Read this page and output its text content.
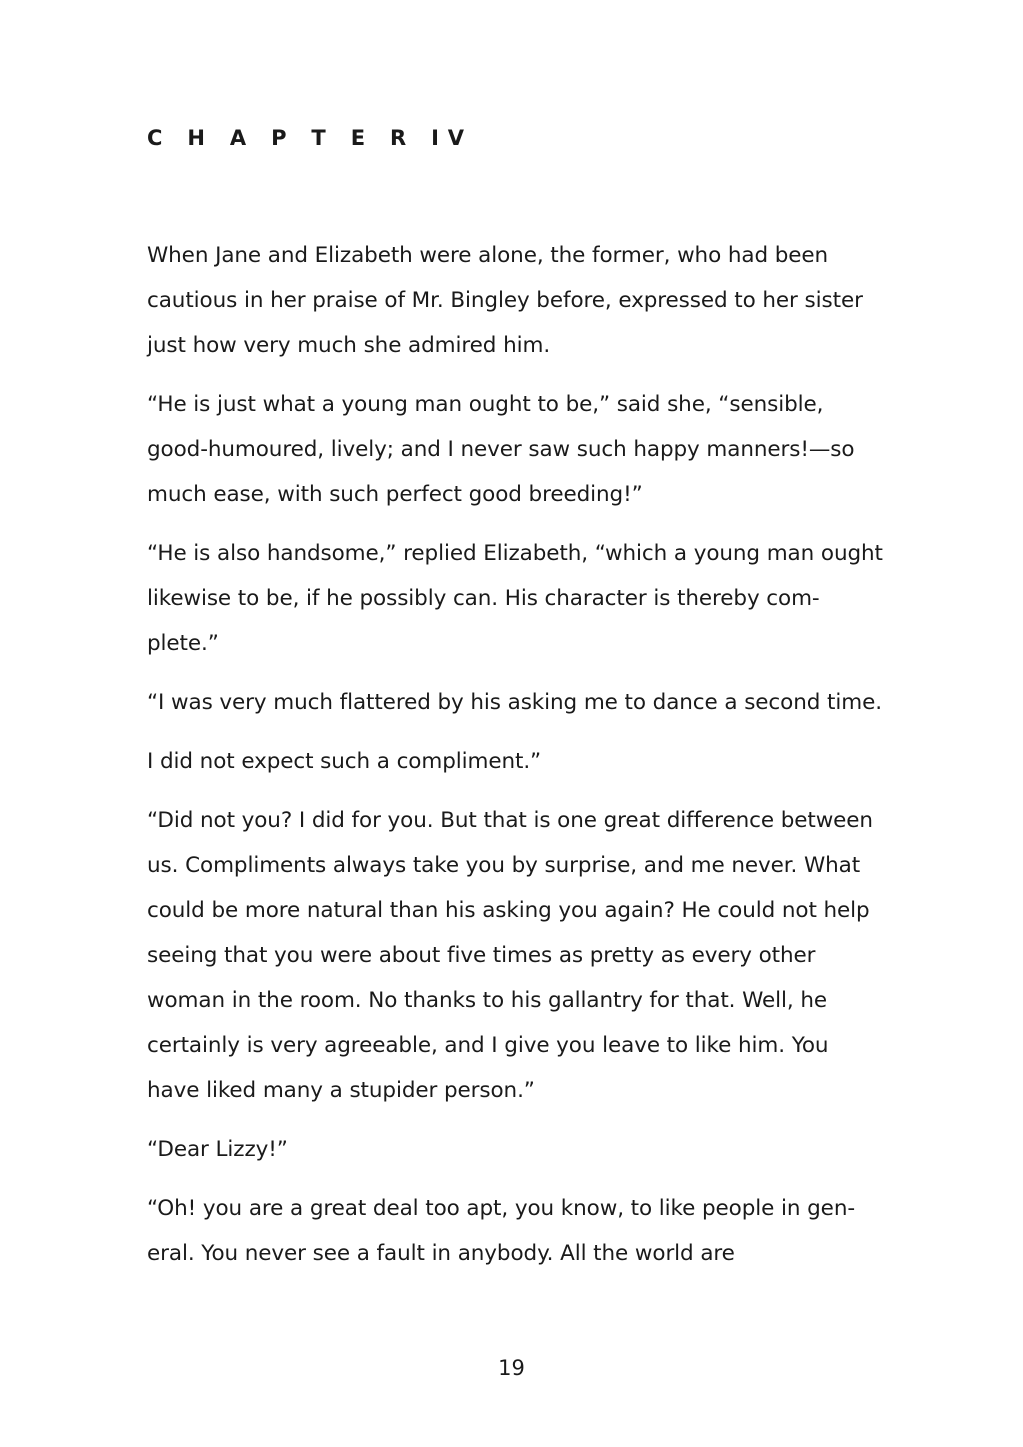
C H A P T E R IV

When Jane and Elizabeth were alone, the former, who had been cautious in her praise of Mr. Bingley before, expressed to her sister just how very much she admired him.

“He is just what a young man ought to be,” said she, “sensible, good-humoured, lively; and I never saw such happy manners!—so much ease, with such perfect good breeding!”

“He is also handsome,” replied Elizabeth, “which a young man ought likewise to be, if he possibly can. His character is thereby com- plete.”

“I was very much flattered by his asking me to dance a second time.

I did not expect such a compliment.”

“Did not you? I did for you. But that is one great difference between us. Compliments always take you by surprise, and me never. What could be more natural than his asking you again? He could not help seeing that you were about five times as pretty as every other woman in the room. No thanks to his gallantry for that. Well, he certainly is very agreeable, and I give you leave to like him. You have liked many a stupider person.”

“Dear Lizzy!”

“Oh! you are a great deal too apt, you know, to like people in gen- eral. You never see a fault in anybody. All the world are

19
